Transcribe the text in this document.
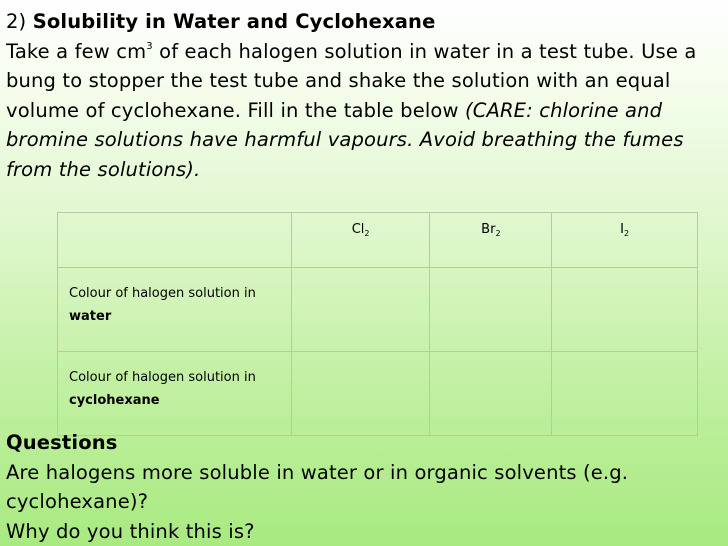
2) Solubility in Water and Cyclohexane

Take a few $cm^3$ of each halogen solution in water in a test tube. Use a bung to stopper the test tube and shake the solution with an equal volume of cyclohexane. Fill in the table below (CARE: chlorine and bromine solutions have harmful vapours. Avoid breathing the fumes from the solutions).

	$Cl_2$	$Br_2$	$I_2$
Colour of halogen solution in
water			
Colour of halogen solution in
cyclohexane			

Questions

Are halogens more soluble in water or in organic solvents (e.g. cyclohexane)?

Why do you think this is?
